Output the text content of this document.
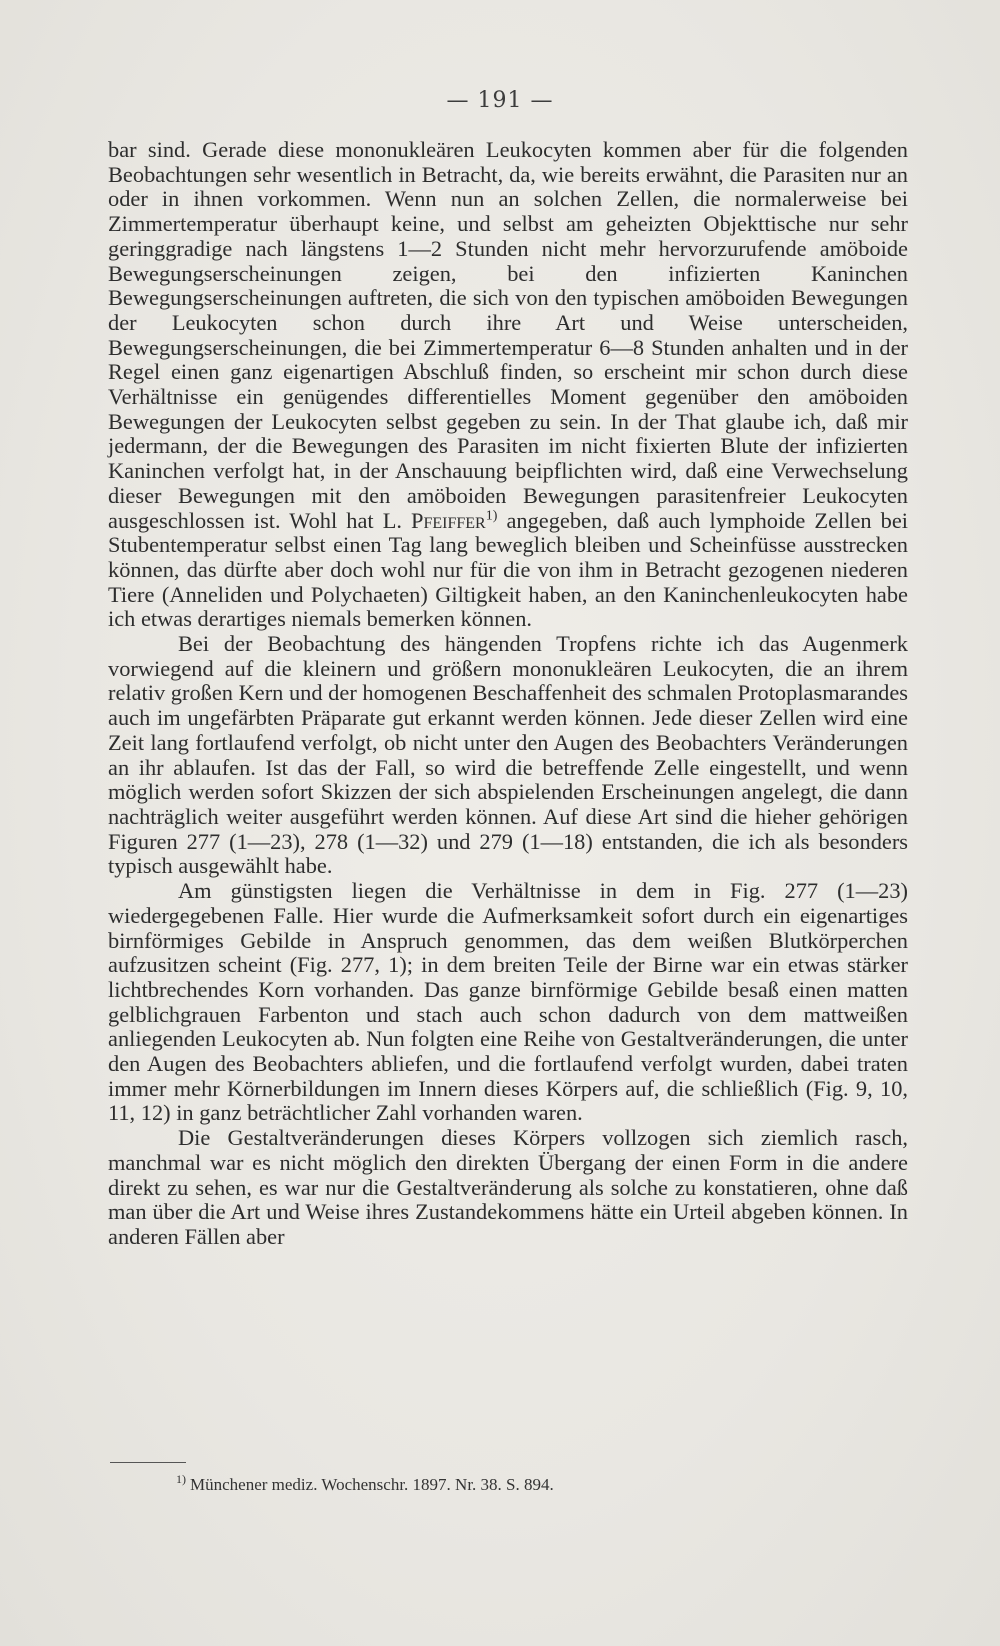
— 191 —

bar sind. Gerade diese mononukleären Leukocyten kommen aber für die folgenden Beobachtungen sehr wesentlich in Betracht, da, wie bereits erwähnt, die Parasiten nur an oder in ihnen vorkommen. Wenn nun an solchen Zellen, die normalerweise bei Zimmertemperatur überhaupt keine, und selbst am geheizten Objekttische nur sehr geringgradige nach längstens 1—2 Stunden nicht mehr hervorzurufende amöboide Bewegungserscheinungen zeigen, bei den infizierten Kaninchen Bewegungserscheinungen auftreten, die sich von den typischen amöboiden Bewegungen der Leukocyten schon durch ihre Art und Weise unterscheiden, Bewegungserscheinungen, die bei Zimmertemperatur 6—8 Stunden anhalten und in der Regel einen ganz eigenartigen Abschluß finden, so erscheint mir schon durch diese Verhältnisse ein genügendes differentielles Moment gegenüber den amöboiden Bewegungen der Leukocyten selbst gegeben zu sein. In der That glaube ich, daß mir jedermann, der die Bewegungen des Parasiten im nicht fixierten Blute der infizierten Kaninchen verfolgt hat, in der Anschauung beipflichten wird, daß eine Verwechselung dieser Bewegungen mit den amöboiden Bewegungen parasitenfreier Leukocyten ausgeschlossen ist. Wohl hat L. Pfeiffer$^{1)}$ angegeben, daß auch lymphoide Zellen bei Stubentemperatur selbst einen Tag lang beweglich bleiben und Scheinfüsse ausstrecken können, das dürfte aber doch wohl nur für die von ihm in Betracht gezogenen niederen Tiere (Anneliden und Polychaeten) Giltigkeit haben, an den Kaninchenleukocyten habe ich etwas derartiges niemals bemerken können.

Bei der Beobachtung des hängenden Tropfens richte ich das Augenmerk vorwiegend auf die kleinern und größern mononukleären Leukocyten, die an ihrem relativ großen Kern und der homogenen Beschaffenheit des schmalen Protoplasmarandes auch im ungefärbten Präparate gut erkannt werden können. Jede dieser Zellen wird eine Zeit lang fortlaufend verfolgt, ob nicht unter den Augen des Beobachters Veränderungen an ihr ablaufen. Ist das der Fall, so wird die betreffende Zelle eingestellt, und wenn möglich werden sofort Skizzen der sich abspielenden Erscheinungen angelegt, die dann nachträglich weiter ausgeführt werden können. Auf diese Art sind die hieher gehörigen Figuren 277 (1—23), 278 (1—32) und 279 (1—18) entstanden, die ich als besonders typisch ausgewählt habe.

Am günstigsten liegen die Verhältnisse in dem in Fig. 277 (1—23) wiedergegebenen Falle. Hier wurde die Aufmerksamkeit sofort durch ein eigenartiges birnförmiges Gebilde in Anspruch genommen, das dem weißen Blutkörperchen aufzusitzen scheint (Fig. 277, 1); in dem breiten Teile der Birne war ein etwas stärker lichtbrechendes Korn vorhanden. Das ganze birnförmige Gebilde besaß einen matten gelblichgrauen Farbenton und stach auch schon dadurch von dem mattweißen anliegenden Leukocyten ab. Nun folgten eine Reihe von Gestaltveränderungen, die unter den Augen des Beobachters abliefen, und die fortlaufend verfolgt wurden, dabei traten immer mehr Körnerbildungen im Innern dieses Körpers auf, die schließlich (Fig. 9, 10, 11, 12) in ganz beträchtlicher Zahl vorhanden waren.

Die Gestaltveränderungen dieses Körpers vollzogen sich ziemlich rasch, manchmal war es nicht möglich den direkten Übergang der einen Form in die andere direkt zu sehen, es war nur die Gestaltveränderung als solche zu konstatieren, ohne daß man über die Art und Weise ihres Zustandekommens hätte ein Urteil abgeben können. In anderen Fällen aber

$^{1)}$ Münchener mediz. Wochenschr. 1897. Nr. 38. S. 894.
